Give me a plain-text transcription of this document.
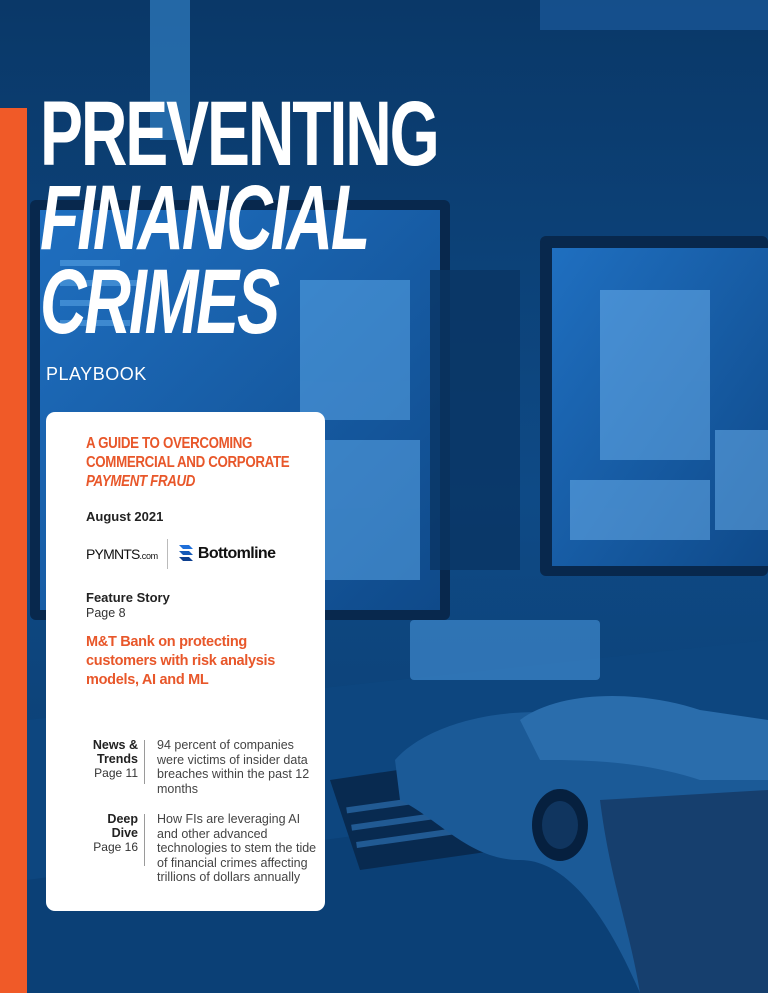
PREVENTING
FINANCIAL
CRIMES
PLAYBOOK
A GUIDE TO OVERCOMING
COMMERCIAL AND CORPORATE
PAYMENT FRAUD
August 2021
PYMNTS.com	Bottomline
Feature Story
Page 8
M&T Bank on protecting customers with risk analysis models, AI and ML
News &
Trends
Page 11
94 percent of companies were victims of insider data breaches within the past 12 months
Deep
Dive
Page 16
How FIs are leveraging AI and other advanced technologies to stem the tide of financial crimes affecting trillions of dollars annually
